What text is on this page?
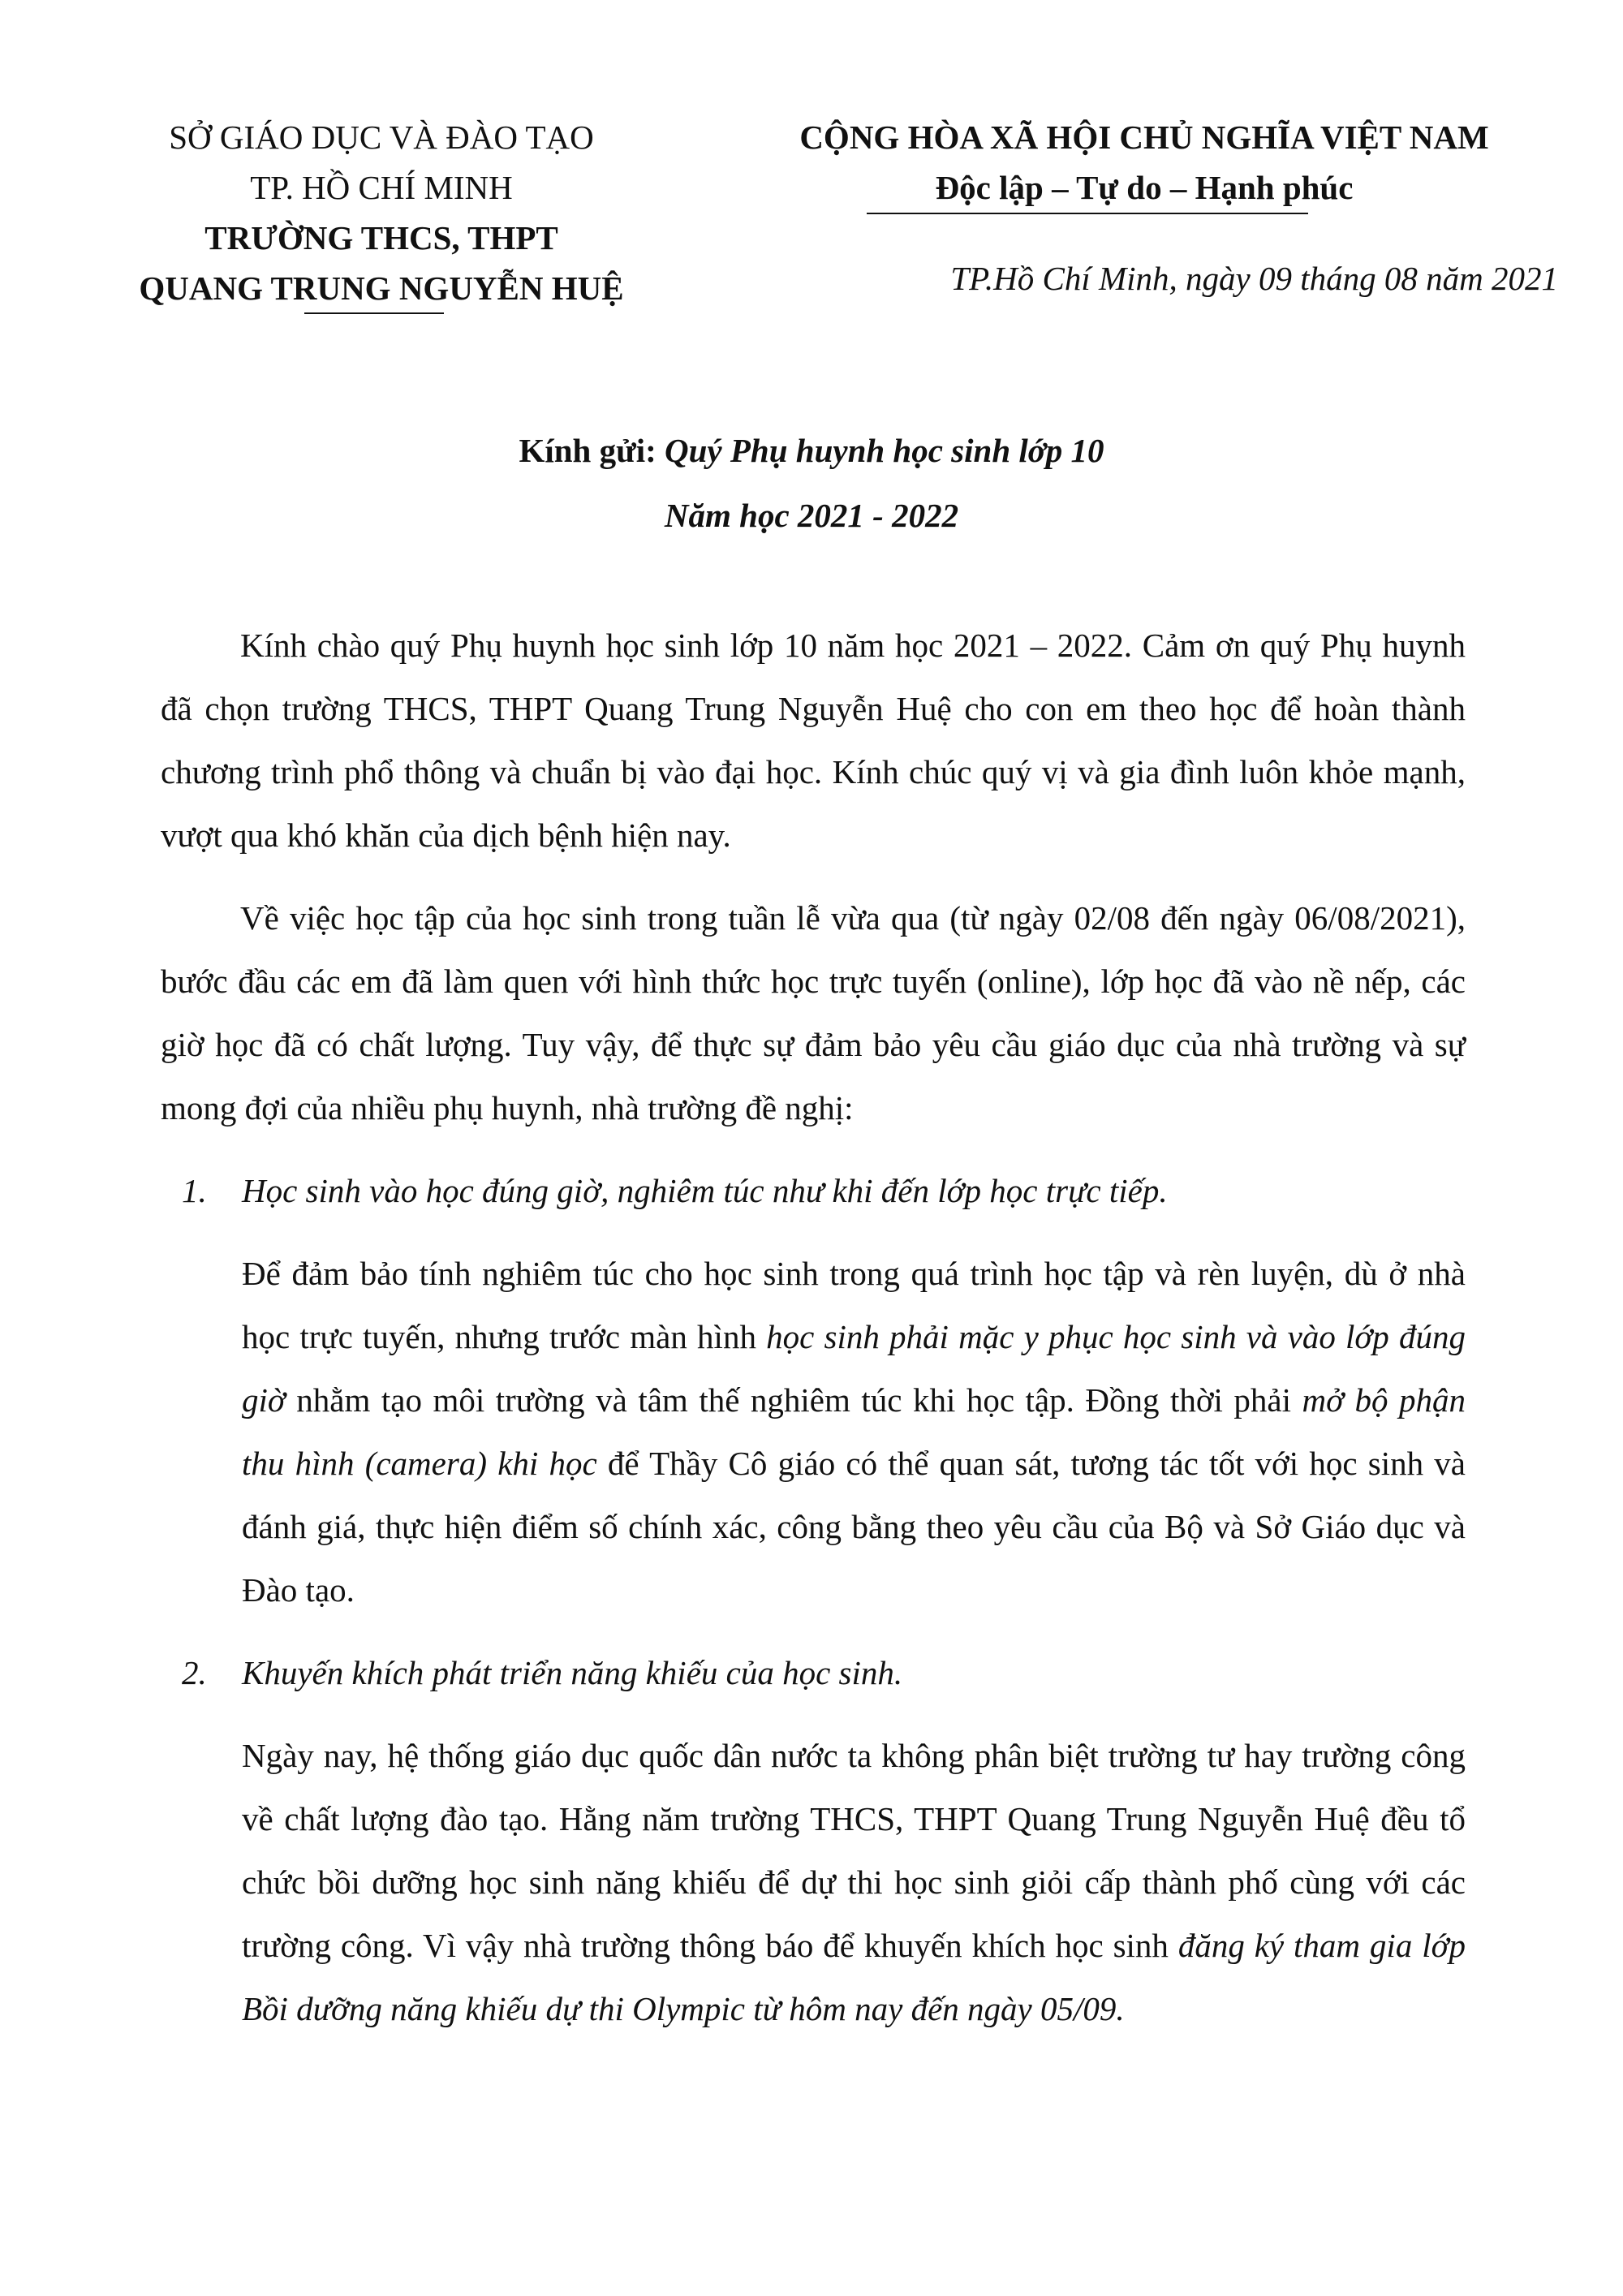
SỞ GIÁO DỤC VÀ ĐÀO TẠO
TP. HỒ CHÍ MINH
TRƯỜNG THCS, THPT
QUANG TRUNG NGUYỄN HUỆ
CỘNG HÒA XÃ HỘI CHỦ NGHĨA VIỆT NAM
Độc lập – Tự do – Hạnh phúc
TP.Hồ Chí Minh, ngày 09 tháng 08 năm 2021
Kính gửi: Quý Phụ huynh học sinh lớp 10
Năm học 2021 - 2022

Kính chào quý Phụ huynh học sinh lớp 10 năm học 2021 – 2022. Cảm ơn quý Phụ huynh đã chọn trường THCS, THPT Quang Trung Nguyễn Huệ cho con em theo học để hoàn thành chương trình phổ thông và chuẩn bị vào đại học. Kính chúc quý vị và gia đình luôn khỏe mạnh, vượt qua khó khăn của dịch bệnh hiện nay.

Về việc học tập của học sinh trong tuần lễ vừa qua (từ ngày 02/08 đến ngày 06/08/2021), bước đầu các em đã làm quen với hình thức học trực tuyến (online), lớp học đã vào nề nếp, các giờ học đã có chất lượng. Tuy vậy, để thực sự đảm bảo yêu cầu giáo dục của nhà trường và sự mong đợi của nhiều phụ huynh, nhà trường đề nghị:

1. Học sinh vào học đúng giờ, nghiêm túc như khi đến lớp học trực tiếp.

Để đảm bảo tính nghiêm túc cho học sinh trong quá trình học tập và rèn luyện, dù ở nhà học trực tuyến, nhưng trước màn hình học sinh phải mặc y phục học sinh và vào lớp đúng giờ nhằm tạo môi trường và tâm thế nghiêm túc khi học tập. Đồng thời phải mở bộ phận thu hình (camera) khi học để Thầy Cô giáo có thể quan sát, tương tác tốt với học sinh và đánh giá, thực hiện điểm số chính xác, công bằng theo yêu cầu của Bộ và Sở Giáo dục và Đào tạo.

2. Khuyến khích phát triển năng khiếu của học sinh.

Ngày nay, hệ thống giáo dục quốc dân nước ta không phân biệt trường tư hay trường công về chất lượng đào tạo. Hằng năm trường THCS, THPT Quang Trung Nguyễn Huệ đều tổ chức bồi dưỡng học sinh năng khiếu để dự thi học sinh giỏi cấp thành phố cùng với các trường công. Vì vậy nhà trường thông báo để khuyến khích học sinh đăng ký tham gia lớp Bồi dưỡng năng khiếu dự thi Olympic từ hôm nay đến ngày 05/09.
